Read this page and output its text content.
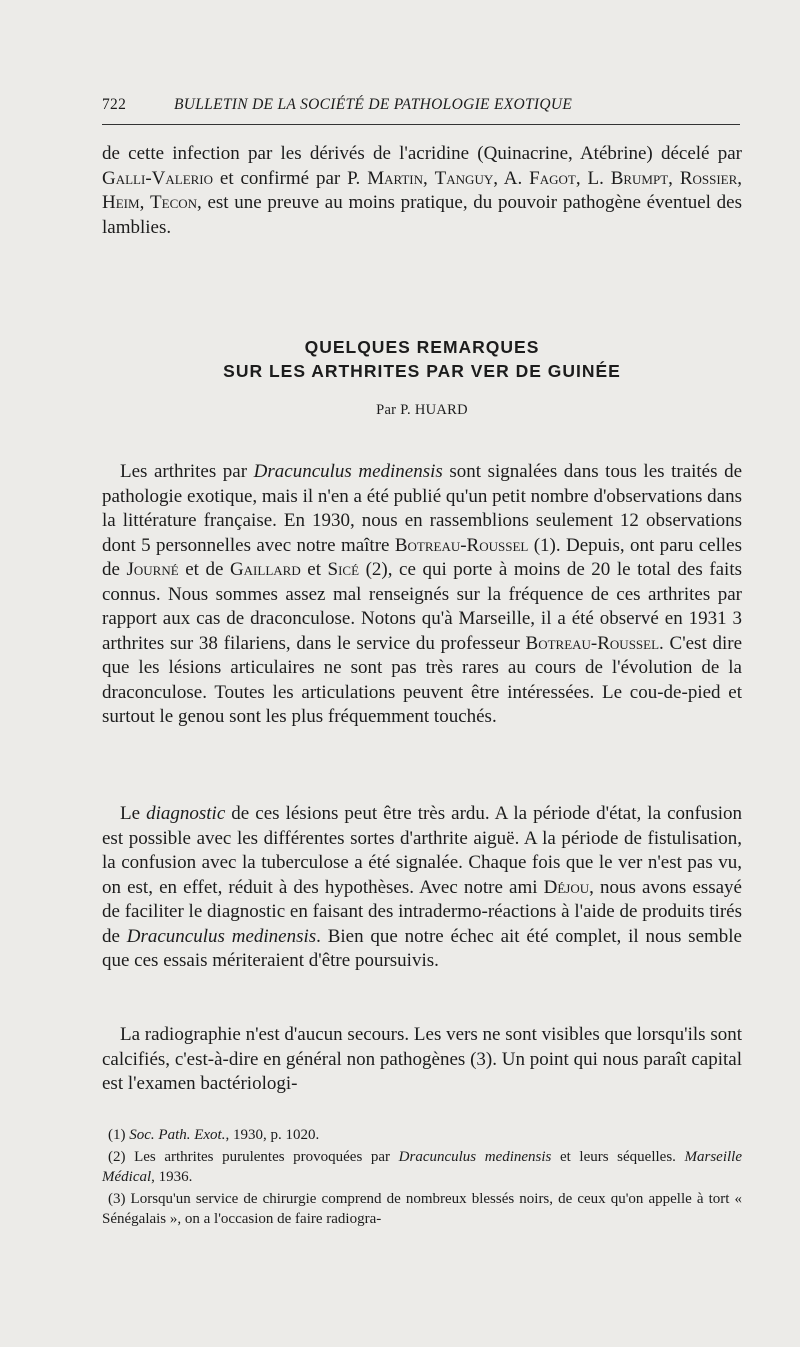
722	BULLETIN DE LA SOCIÉTÉ DE PATHOLOGIE EXOTIQUE

de cette infection par les dérivés de l'acridine (Quinacrine, Atébrine) décelé par Galli-Valerio et confirmé par P. Martin, Tanguy, A. Fagot, L. Brumpt, Rossier, Heim, Tecon, est une preuve au moins pratique, du pouvoir pathogène éventuel des lamblies.

QUELQUES REMARQUES
SUR LES ARTHRITES PAR VER DE GUINÉE
Par P. HUARD

Les arthrites par Dracunculus medinensis sont signalées dans tous les traités de pathologie exotique, mais il n'en a été publié qu'un petit nombre d'observations dans la littérature française. En 1930, nous en rassemblions seulement 12 observations dont 5 personnelles avec notre maître Botreau-Roussel (1). Depuis, ont paru celles de Journé et de Gaillard et Sicé (2), ce qui porte à moins de 20 le total des faits connus. Nous sommes assez mal renseignés sur la fréquence de ces arthrites par rapport aux cas de draconculose. Notons qu'à Marseille, il a été observé en 1931 3 arthrites sur 38 filariens, dans le service du professeur Botreau-Roussel. C'est dire que les lésions articulaires ne sont pas très rares au cours de l'évolution de la draconculose. Toutes les articulations peuvent être intéressées. Le cou-de-pied et surtout le genou sont les plus fréquemment touchés.

Le diagnostic de ces lésions peut être très ardu. A la période d'état, la confusion est possible avec les différentes sortes d'arthrite aiguë. A la période de fistulisation, la confusion avec la tuberculose a été signalée. Chaque fois que le ver n'est pas vu, on est, en effet, réduit à des hypothèses. Avec notre ami Déjou, nous avons essayé de faciliter le diagnostic en faisant des intradermo-réactions à l'aide de produits tirés de Dracunculus medinensis. Bien que notre échec ait été complet, il nous semble que ces essais mériteraient d'être poursuivis.

La radiographie n'est d'aucun secours. Les vers ne sont visibles que lorsqu'ils sont calcifiés, c'est-à-dire en général non pathogènes (3). Un point qui nous paraît capital est l'examen bactériologi-

(1) Soc. Path. Exot., 1930, p. 1020.

(2) Les arthrites purulentes provoquées par Dracunculus medinensis et leurs séquelles. Marseille Médical, 1936.

(3) Lorsqu'un service de chirurgie comprend de nombreux blessés noirs, de ceux qu'on appelle à tort « Sénégalais », on a l'occasion de faire radiogra-
